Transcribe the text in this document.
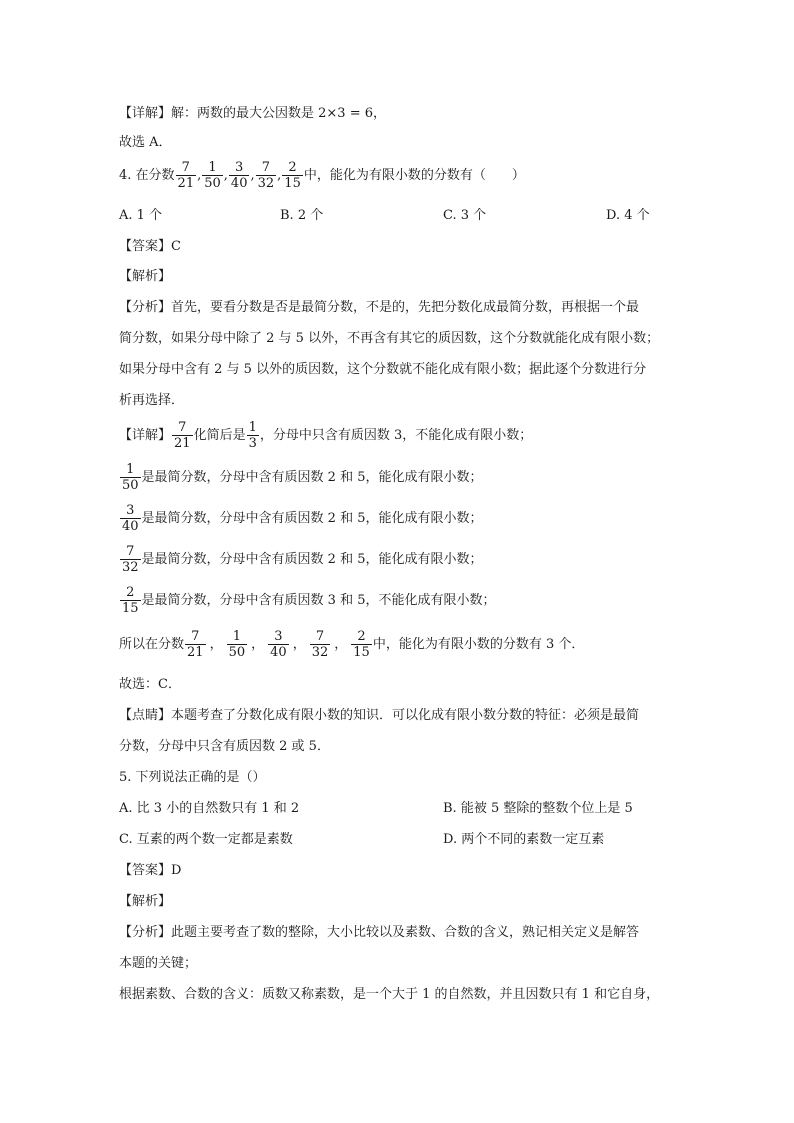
【详解】解：两数的最大公因数是 2×3 = 6，
故选 A．
4. 在分数 $\frac{7}{21}$ , $\frac{1}{50}$ , $\frac{3}{40}$ , $\frac{7}{32}$ , $\frac{2}{15}$ 中，能化为有限小数的分数有（　　）
A. 1 个	B. 2 个	C. 3 个	D. 4 个
【答案】C
【解析】
【分析】首先，要看分数是否是最简分数，不是的，先把分数化成最简分数，再根据一个最
简分数，如果分母中除了 2 与 5 以外，不再含有其它的质因数，这个分数就能化成有限小数；
如果分母中含有 2 与 5 以外的质因数，这个分数就不能化成有限小数；据此逐个分数进行分
析再选择．
【详解】 $\frac{7}{21}$ 化简后是 $\frac{1}{3}$ ，分母中只含有质因数 3，不能化成有限小数；
$\frac{1}{50}$ 是最简分数，分母中含有质因数 2 和 5，能化成有限小数；
$\frac{3}{40}$ 是最简分数，分母中含有质因数 2 和 5，能化成有限小数；
$\frac{7}{32}$ 是最简分数，分母中含有质因数 2 和 5，能化成有限小数；
$\frac{2}{15}$ 是最简分数，分母中含有质因数 3 和 5，不能化成有限小数；
所以在分数 $\frac{7}{21}$ ， $\frac{1}{50}$ ， $\frac{3}{40}$ ， $\frac{7}{32}$ ， $\frac{2}{15}$ 中，能化为有限小数的分数有 3 个．
故选：C．
【点睛】本题考查了分数化成有限小数的知识．可以化成有限小数分数的特征：必须是最简
分数，分母中只含有质因数 2 或 5．
5. 下列说法正确的是（）
A. 比 3 小的自然数只有 1 和 2	B. 能被 5 整除的整数个位上是 5
C. 互素的两个数一定都是素数	D. 两个不同的素数一定互素
【答案】D
【解析】
【分析】此题主要考查了数的整除，大小比较以及素数、合数的含义，熟记相关定义是解答
本题的关键；
根据素数、合数的含义：质数又称素数，是一个大于 1 的自然数，并且因数只有 1 和它自身，
